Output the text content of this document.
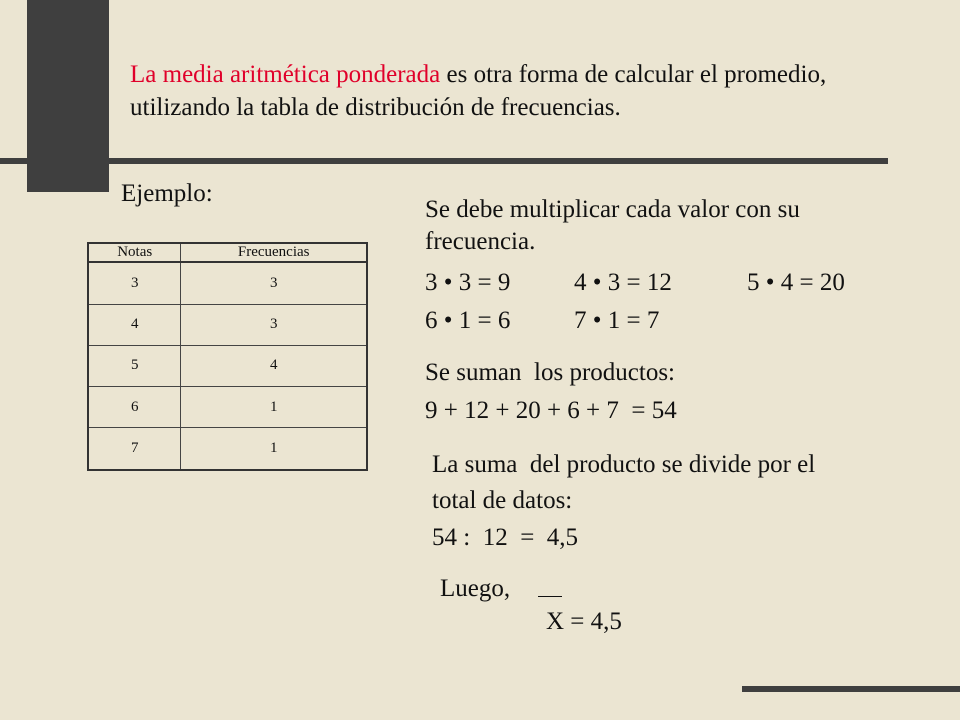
La media aritmética ponderada es otra forma de calcular el promedio, utilizando la tabla de distribución de frecuencias.
Ejemplo:
Notas	Frecuencias
3	3
4	3
5	4
6	1
7	1
Se debe multiplicar cada valor con su
frecuencia.
3 • 3 = 9	4 • 3 = 12	5 • 4 = 20
6 • 1 = 6	7 • 1 = 7
Se suman  los productos:
9 + 12 + 20 + 6 + 7  = 54
La suma  del producto se divide por el
total de datos:
54 :  12  =  4,5
Luego,
X = 4,5
